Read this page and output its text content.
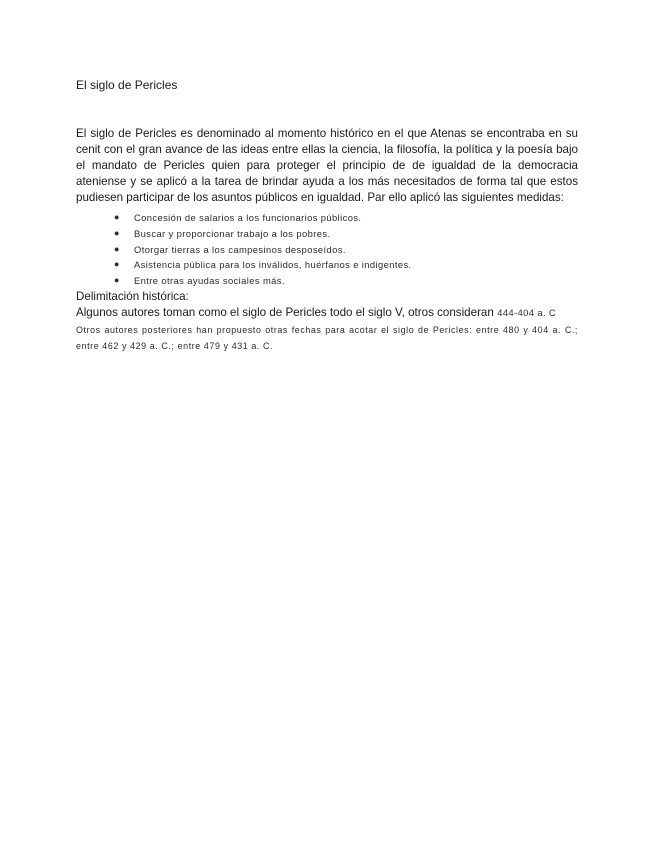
El siglo de Pericles

El siglo de Pericles es denominado al momento histórico en el que Atenas se encontraba en su cenit con el gran avance de las ideas entre ellas la ciencia, la filosofía, la política y la poesía bajo el mandato de Pericles quien para proteger el principio de de igualdad de la democracia ateniense y se aplicó a la tarea de brindar ayuda a los más necesitados de forma tal que estos pudiesen participar de los asuntos públicos en igualdad. Par ello aplicó las siguientes medidas:

● Concesión de salarios a los funcionarios públicos.
● Buscar y proporcionar trabajo a los pobres.
● Otorgar tierras a los campesinos desposeídos.
● Asistencia pública para los inválidos, huérfanos e indigentes.
● Entre otras ayudas sociales más.
Delimitación histórica:

Algunos autores toman como el siglo de Pericles todo el siglo V, otros consideran 444-404 a. C

Otros autores posteriores han propuesto otras fechas para acotar el siglo de Pericles: entre 480 y 404 a. C.; entre 462 y 429 a. C.; entre 479 y 431 a. C.
